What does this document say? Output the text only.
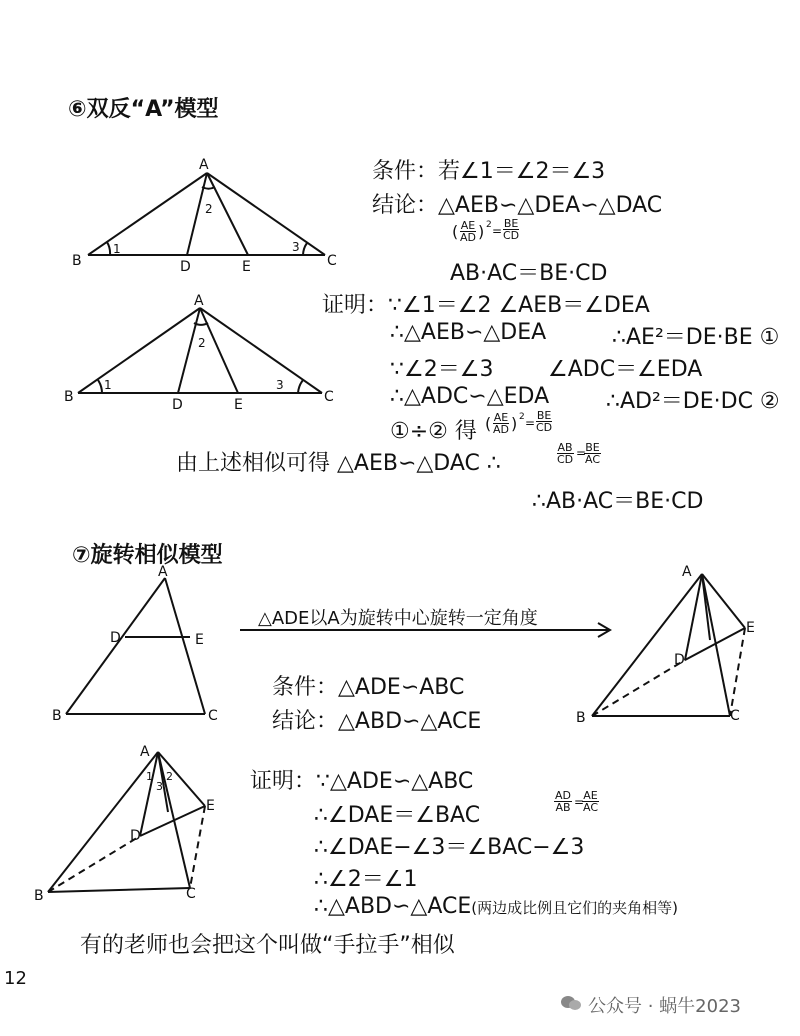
⑥双反“A”模型
A
B	C
D	E
1
2
3
A
B	C
D	E
1
2
3
条件：若∠1＝∠2＝∠3
结论：△AEB∽△DEA∽△DAC
( $\frac{AE}{AD}$ ) $2 = \frac{BE}{CD}$
AB·AC＝BE·CD
证明：∵∠1＝∠2 ∠AEB＝∠DEA
∴△AEB∽△DEA	∴AE²＝DE·BE ①
∵∠2＝∠3 ∠ADC＝∠EDA
∴△ADC∽△EDA	∴AD²＝DE·DC ②
①÷② 得 ( $\frac{AE}{AD}$ ) $2 = \frac{BE}{CD}$
由上述相似可得 △AEB∽△DAC ∴	$\frac{AB}{CD}$ =
$\frac{BE}{AC}$
∴AB·AC＝BE·CD
⑦旋转相似模型
A
B	C
D	E
△ADE以A为旋转中心旋转一定角度
A
B	C
D
E
条件：△ADE∽ABC
结论：△ABD∽△ACE
A
B	C
D
E
1 2
3	证明：∵△ADE∽△ABC
∴∠DAE＝∠BAC
$\frac{AD}{AB}$ =
$\frac{AE}{AC}$
∴∠DAE−∠3＝∠BAC−∠3
∴∠2＝∠1
∴△ABD∽△ACE(两边成比例且它们的夹角相等)
有的老师也会把这个叫做“手拉手”相似
12
公众号 · 蜗牛2023
